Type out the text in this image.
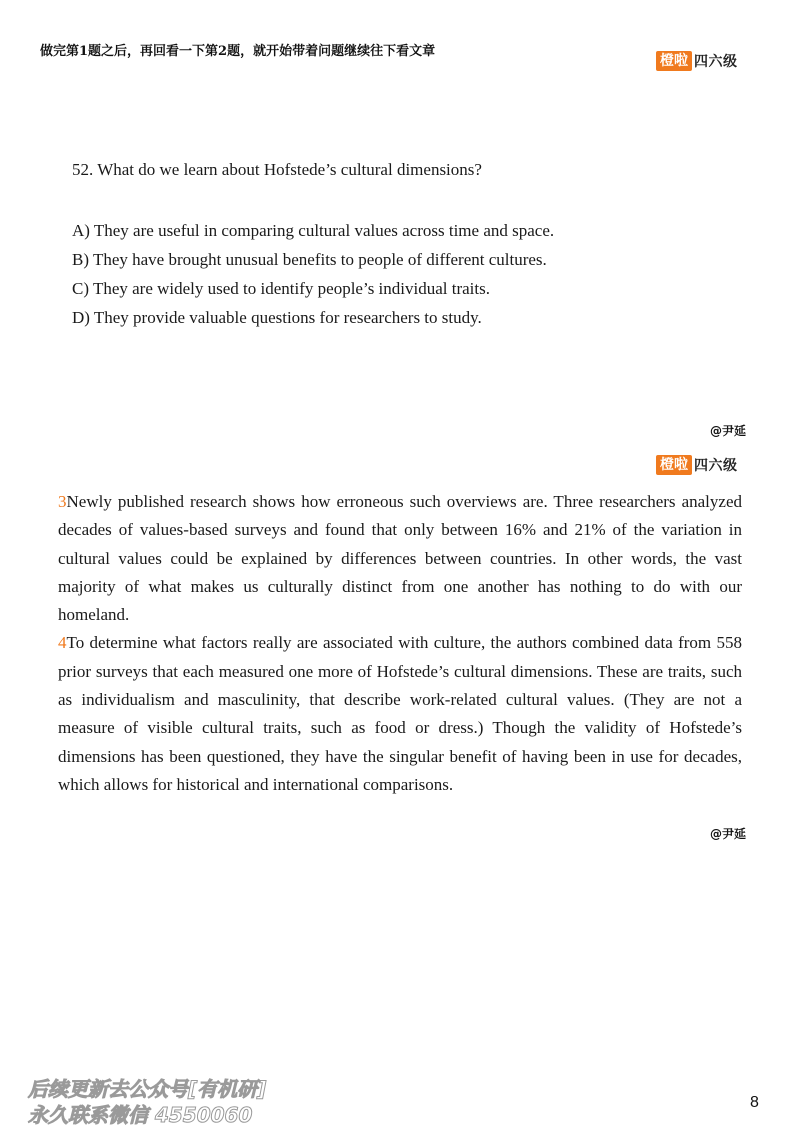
做完第1题之后，再回看一下第2题，就开始带着问题继续往下看文章
橙啦 四六级
52. What do we learn about Hofstede’s cultural dimensions?
A) They are useful in comparing cultural values across time and space.
B) They have brought unusual benefits to people of different cultures.
C) They are widely used to identify people’s individual traits.
D) They provide valuable questions for researchers to study.
@尹延
橙啦 四六级

3Newly published research shows how erroneous such overviews are. Three researchers analyzed decades of values-based surveys and found that only between 16% and 21% of the variation in cultural values could be explained by differences between countries. In other words, the vast majority of what makes us culturally distinct from one another has nothing to do with our homeland.

4To determine what factors really are associated with culture, the authors combined data from 558 prior surveys that each measured one more of Hofstede’s cultural dimensions. These are traits, such as individualism and masculinity, that describe work-related cultural values. (They are not a measure of visible cultural traits, such as food or dress.) Though the validity of Hofstede’s dimensions has been questioned, they have the singular benefit of having been in use for decades, which allows for historical and international comparisons.

@尹延
后续更新去公众号[有机研]
永久联系微信 4550060
8
